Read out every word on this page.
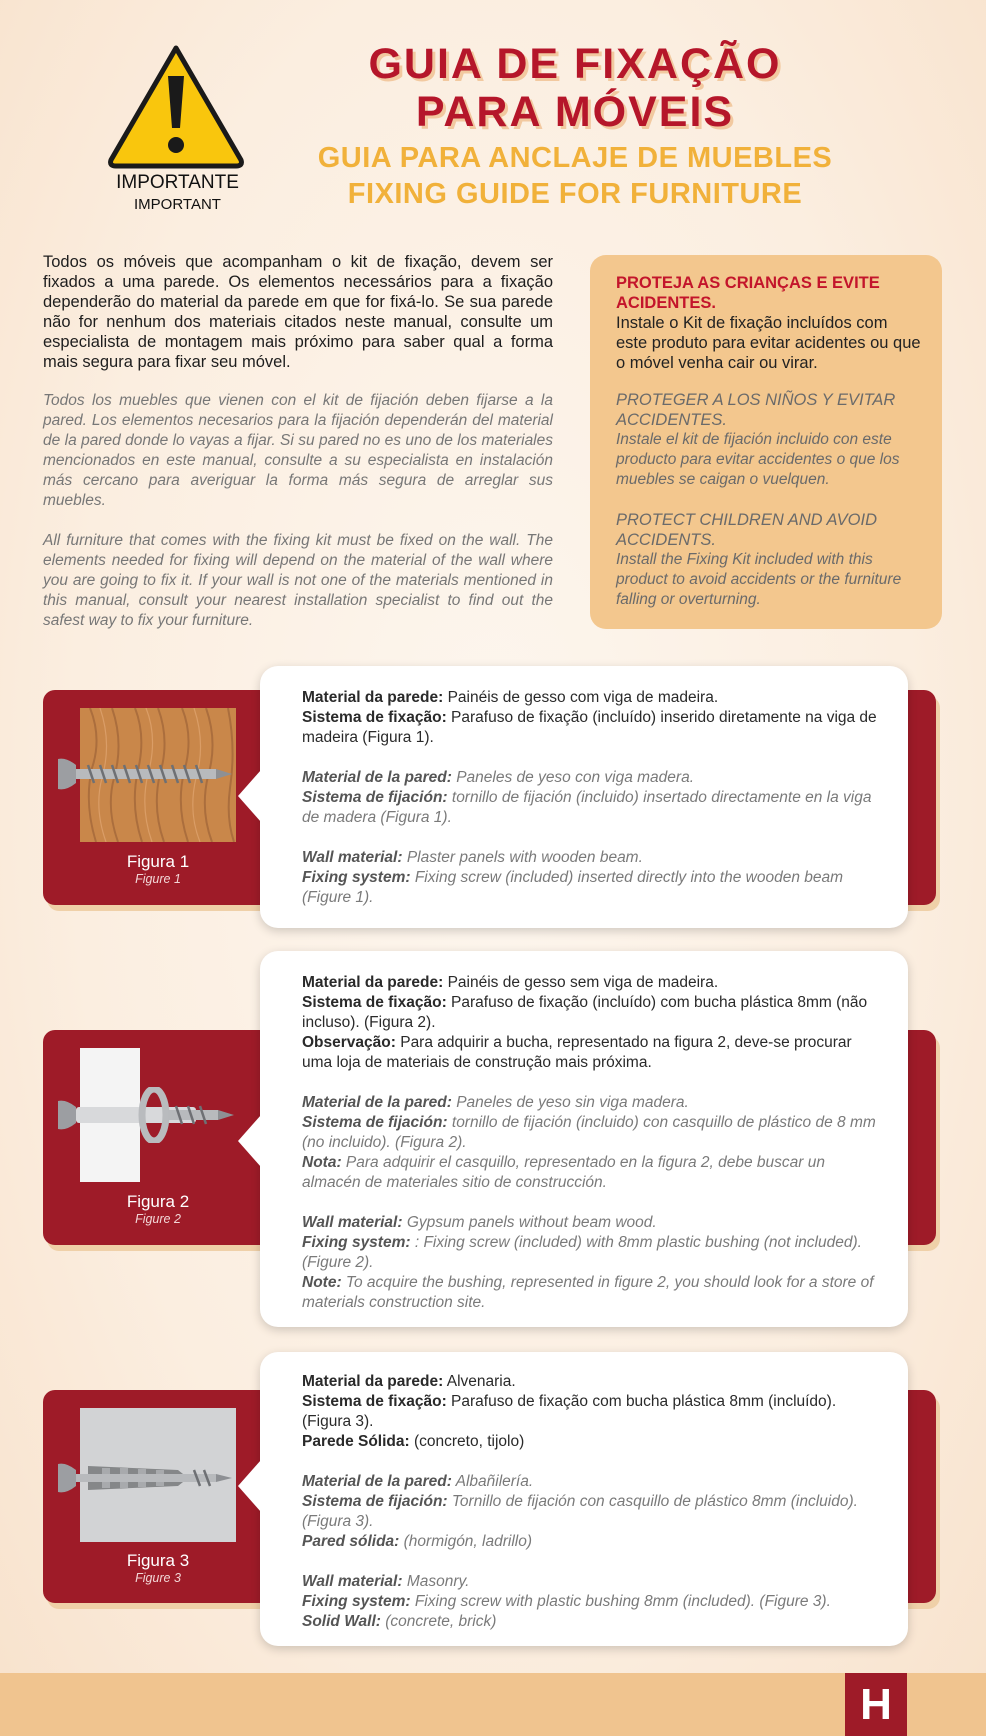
IMPORTANTE
IMPORTANT
GUIA DE FIXAÇÃO
PARA MÓVEIS
GUIA PARA ANCLAJE DE MUEBLES
FIXING GUIDE FOR FURNITURE
Todos os móveis que acompanham o kit de fixação, devem ser fixados a uma parede. Os elementos necessários para a fixação dependerão do material da parede em que for fixá-lo. Se sua parede não for nenhum dos materiais citados neste manual, consulte um especialista de montagem mais próximo para saber qual a forma mais segura para fixar seu móvel.
Todos los muebles que vienen con el kit de fijación deben fijarse a la pared. Los elementos necesarios para la fijación dependerán del material de la pared donde lo vayas a fijar. Si su pared no es uno de los materiales mencionados en este manual, consulte a su especialista en instalación más cercano para averiguar la forma más segura de arreglar sus muebles.
All furniture that comes with the fixing kit must be fixed on the wall. The elements needed for fixing will depend on the material of the wall where you are going to fix it. If your wall is not one of the materials mentioned in this manual, consult your nearest installation specialist to find out the safest way to fix your furniture.
PROTEJA AS CRIANÇAS E EVITE ACIDENTES.
Instale o Kit de fixação incluídos com este produto para evitar acidentes ou que o móvel venha cair ou virar.
PROTEGER A LOS NIÑOS Y EVITAR ACCIDENTES.
Instale el kit de fijación incluido con este producto para evitar accidentes o que los muebles se caigan o vuelquen.
PROTECT CHILDREN AND AVOID ACCIDENTS.
Install the Fixing Kit included with this product to avoid accidents or the furniture falling or overturning.
Figura 1
Figure 1
Material da parede: Painéis de gesso com viga de madeira.
Sistema de fixação: Parafuso de fixação (incluído) inserido diretamente na viga de madeira (Figura 1).
Material de la pared: Paneles de yeso con viga madera.
Sistema de fijación: tornillo de fijación (incluido) insertado directamente en la viga de madera (Figura 1).
Wall material: Plaster panels with wooden beam.
Fixing system: Fixing screw (included) inserted directly into the wooden beam (Figure 1).
Figura 2
Figure 2
Material da parede: Painéis de gesso sem viga de madeira.
Sistema de fixação: Parafuso de fixação (incluído) com bucha plástica 8mm (não incluso). (Figura 2).
Observação: Para adquirir a bucha, representado na figura 2, deve-se procurar uma loja de materiais de construção mais próxima.
Material de la pared: Paneles de yeso sin viga madera.
Sistema de fijación: tornillo de fijación (incluido) con casquillo de plástico de 8 mm (no incluido). (Figura 2).
Nota: Para adquirir el casquillo, representado en la figura 2, debe buscar un almacén de materiales sitio de construcción.
Wall material: Gypsum panels without beam wood.
Fixing system: : Fixing screw (included) with 8mm plastic bushing (not included). (Figure 2).
Note: To acquire the bushing, represented in figure 2, you should look for a store of materials construction site.
Figura 3
Figure 3
Material da parede: Alvenaria.
Sistema de fixação: Parafuso de fixação com bucha plástica 8mm (incluído). (Figura 3).
Parede Sólida: (concreto, tijolo)
Material de la pared: Albañilería.
Sistema de fijación: Tornillo de fijación con casquillo de plástico 8mm (incluido). (Figura 3).
Pared sólida: (hormigón, ladrillo)
Wall material: Masonry.
Fixing system: Fixing screw with plastic bushing 8mm (included). (Figure 3).
Solid Wall: (concrete, brick)
H
